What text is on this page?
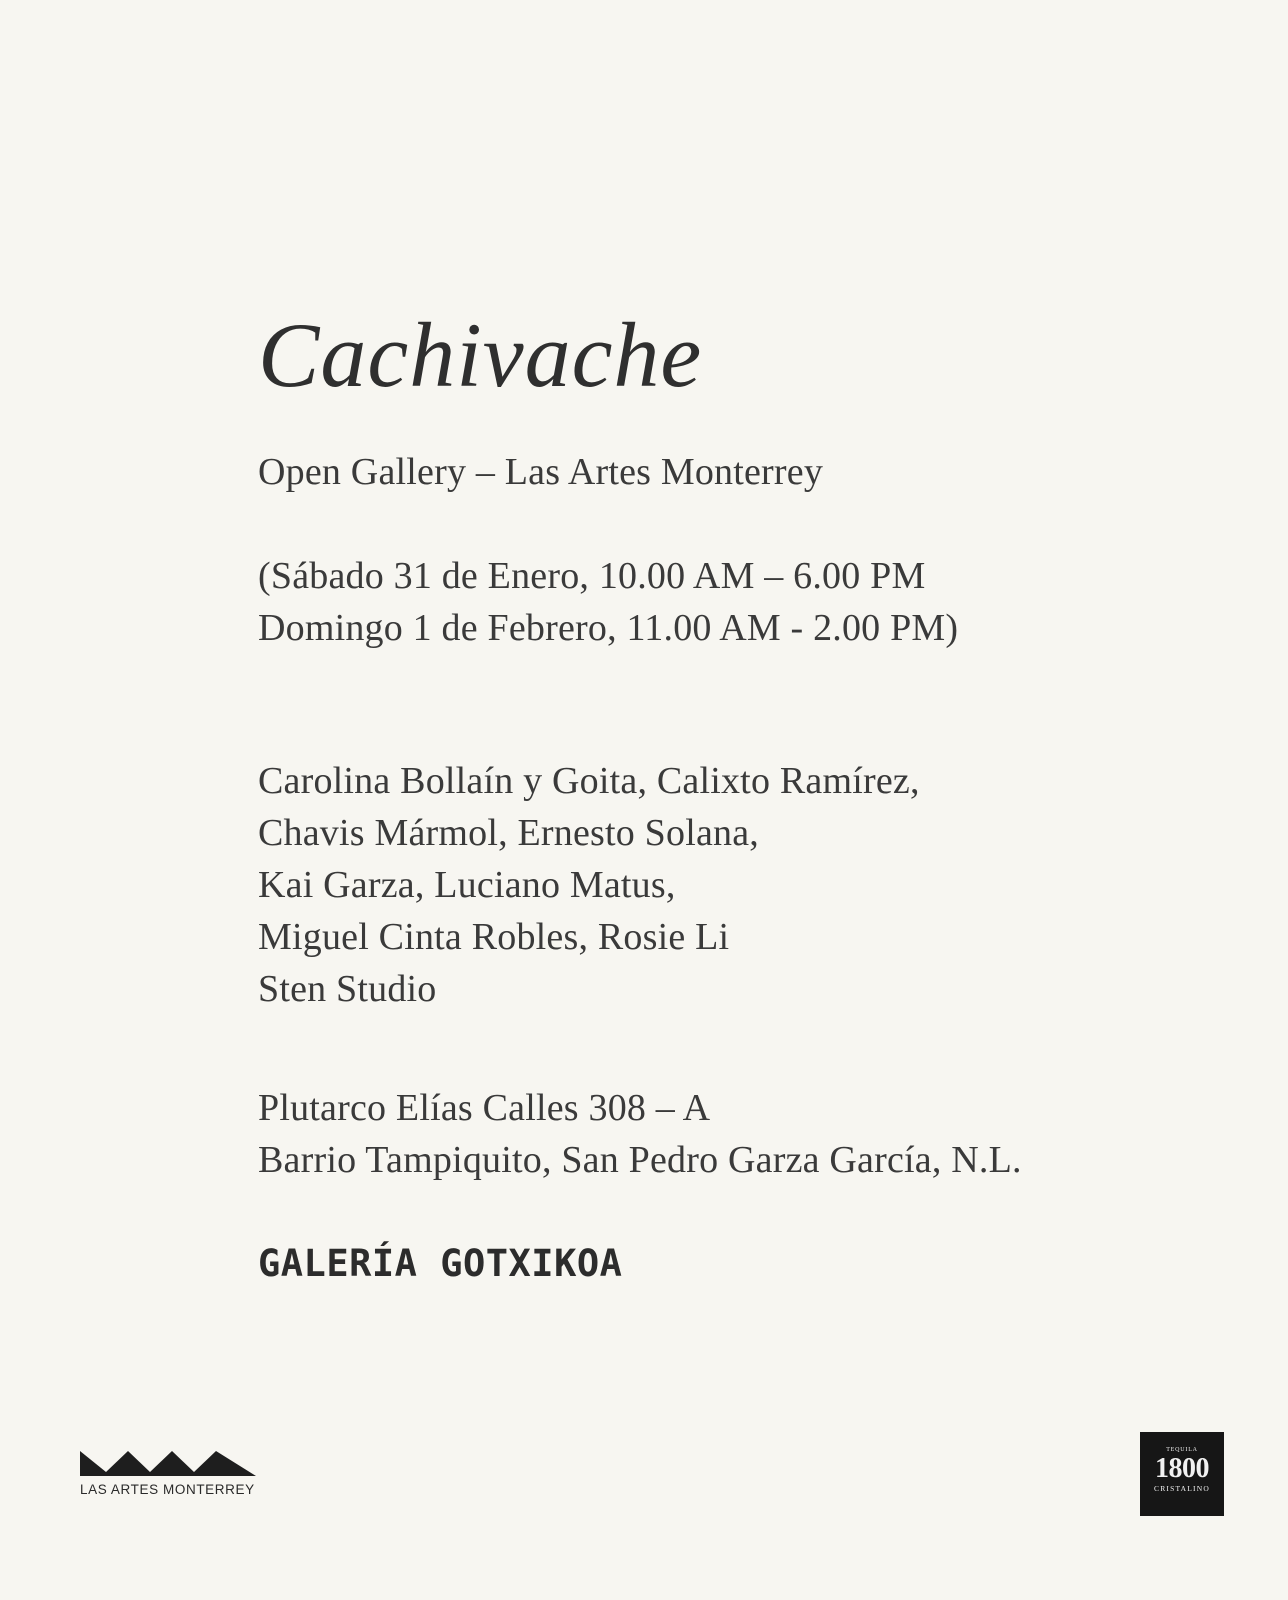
Cachivache

Open Gallery – Las Artes Monterrey

(Sábado 31 de Enero, 10.00 AM – 6.00 PM

Domingo 1 de Febrero, 11.00 AM - 2.00 PM)

Carolina Bollaín y Goita, Calixto Ramírez,

Chavis Mármol, Ernesto Solana,

Kai Garza, Luciano Matus,

Miguel Cinta Robles, Rosie Li

Sten Studio

Plutarco Elías Calles 308 – A

Barrio Tampiquito, San Pedro Garza García, N.L.

GALERÍA GOTXIKOA

LAS ARTES MONTERREY
TEQUILA
1800
CRISTALINO
